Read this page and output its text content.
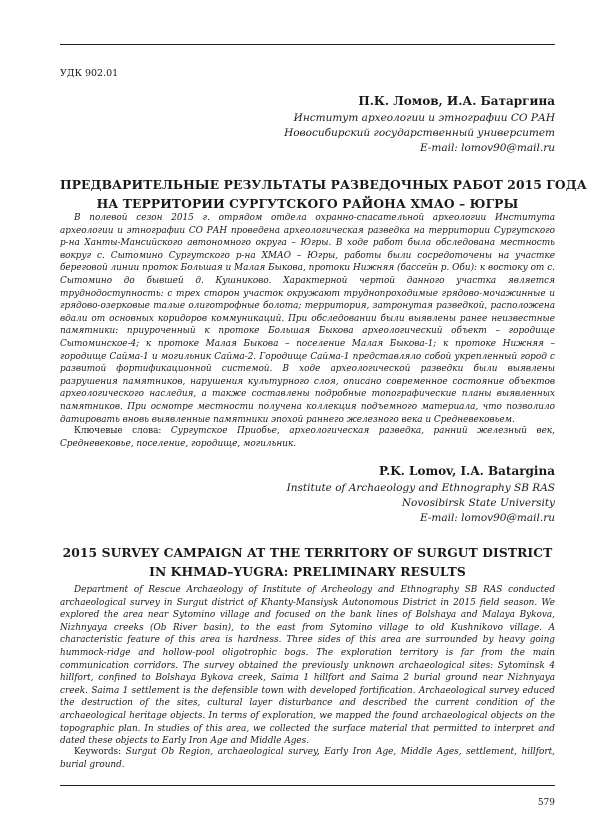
УДК 902.01
П.К. Ломов, И.А. Батаргина
Институт археологии и этнографии СО РАН
Новосибирский государственный университет
E-mail: lomov90@mail.ru
ПРЕДВАРИТЕЛЬНЫЕ РЕЗУЛЬТАТЫ РАЗВЕДОЧНЫХ РАБОТ 2015 ГОДА
НА ТЕРРИТОРИИ СУРГУТСКОГО РАЙОНА ХМАО – ЮГРЫ
В полевой сезон 2015 г. отрядом отдела охранно-спасательной археологии Института археологии и этнографии СО РАН проведена археологическая разведка на территории Сургутского р-на Ханты-Мансийского автономного округа – Югры. В ходе работ была обследована местность вокруг с. Сытомино Сургутского р-на ХМАО – Югры, работы были сосредоточены на участке береговой линии проток Большая и Малая Быкова, протоки Нижняя (бассейн р. Оби): к востоку от с. Сытомино до бывшей д. Кушниково. Характерной чертой данного участка является труднодоступность: с трех сторон участок окружают труднопроходимые грядово-мочажинные и грядово-озерковые талые олиготрофные болота; территория, затронутая разведкой, расположена вдали от основных коридоров коммуникаций. При обследовании были выявлены ранее неизвестные памятники: приуроченный к протоке Большая Быкова археологический объект – городище Сытоминское-4; к протоке Малая Быкова – поселение Малая Быкова-1; к протоке Нижняя – городище Сайма-1 и могильник Сайма-2. Городище Сайма-1 представляло собой укрепленный город с развитой фортификационной системой. В ходе археологической разведки были выявлены разрушения памятников, нарушения культурного слоя, описано современное состояние объектов археологического наследия, а также составлены подробные топографические планы выявленных памятников. При осмотре местности получена коллекция подъемного материала, что позволило датировать вновь выявленные памятники эпохой раннего железного века и Средневековьем.
Ключевые слова: Сургутское Приобье, археологическая разведка, ранний железный век, Средневековье, поселение, городище, могильник.
P.K. Lomov, I.A. Batargina
Institute of Archaeology and Ethnography SB RAS
Novosibirsk State University
E-mail: lomov90@mail.ru
2015 SURVEY CAMPAIGN AT THE TERRITORY OF SURGUT DISTRICT
IN KHMAD–YUGRA: PRELIMINARY RESULTS
Department of Rescue Archaeology of Institute of Archeology and Ethnography SB RAS conducted archaeological survey in Surgut district of Khanty-Mansiysk Autonomous District in 2015 field season. We explored the area near Sytomino village and focused on the bank lines of Bolshaya and Malaya Bykova, Nizhnyaya creeks (Ob River basin), to the east from Sytomino village to old Kushnikovo village. A characteristic feature of this area is hardness. Three sides of this area are surrounded by heavy going hummock-ridge and hollow-pool oligotrophic bogs. The exploration territory is far from the main communication corridors. The survey obtained the previously unknown archaeological sites: Sytominsk 4 hillfort, confined to Bolshaya Bykova creek, Saima 1 hillfort and Saima 2 burial ground near Nizhnyaya creek. Saima 1 settlement is the defensible town with developed fortification. Archaeological survey educed the destruction of the sites, cultural layer disturbance and described the current condition of the archaeological heritage objects. In terms of exploration, we mapped the found archaeological objects on the topographic plan. In studies of this area, we collected the surface material that permitted to interpret and dated these objects to Early Iron Age and Middle Ages.
Keywords: Surgut Ob Region, archaeological survey, Early Iron Age, Middle Ages, settlement, hillfort, burial ground.
579
